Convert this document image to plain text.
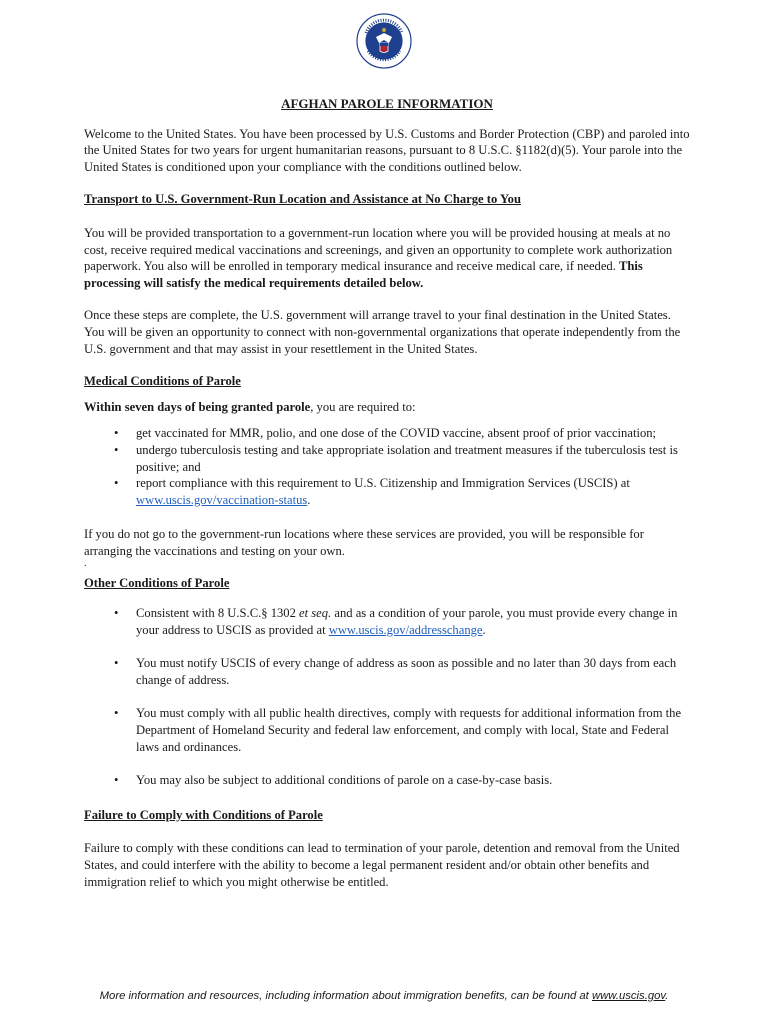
AFGHAN PAROLE INFORMATION

Welcome to the United States. You have been processed by U.S. Customs and Border Protection (CBP) and paroled into the United States for two years for urgent humanitarian reasons, pursuant to 8 U.S.C. §1182(d)(5). Your parole into the United States is conditioned upon your compliance with the conditions outlined below.

Transport to U.S. Government-Run Location and Assistance at No Charge to You

You will be provided transportation to a government-run location where you will be provided housing at meals at no cost, receive required medical vaccinations and screenings, and given an opportunity to complete work authorization paperwork. You also will be enrolled in temporary medical insurance and receive medical care, if needed. This processing will satisfy the medical requirements detailed below.

Once these steps are complete, the U.S. government will arrange travel to your final destination in the United States. You will be given an opportunity to connect with non-governmental organizations that operate independently from the U.S. government and that may assist in your resettlement in the United States.

Medical Conditions of Parole

Within seven days of being granted parole, you are required to:

• get vaccinated for MMR, polio, and one dose of the COVID vaccine, absent proof of prior vaccination;
• undergo tuberculosis testing and take appropriate isolation and treatment measures if the tuberculosis test is positive; and
• report compliance with this requirement to U.S. Citizenship and Immigration Services (USCIS) at www.uscis.gov/vaccination-status.

If you do not go to the government-run locations where these services are provided, you will be responsible for arranging the vaccinations and testing on your own.

.

Other Conditions of Parole

• Consistent with 8 U.S.C.§ 1302 et seq. and as a condition of your parole, you must provide every change in your address to USCIS as provided at www.uscis.gov/addresschange.
• You must notify USCIS of every change of address as soon as possible and no later than 30 days from each change of address.
• You must comply with all public health directives, comply with requests for additional information from the Department of Homeland Security and federal law enforcement, and comply with local, State and Federal laws and ordinances.
• You may also be subject to additional conditions of parole on a case-by-case basis.

Failure to Comply with Conditions of Parole

Failure to comply with these conditions can lead to termination of your parole, detention and removal from the United States, and could interfere with the ability to become a legal permanent resident and/or obtain other benefits and immigration relief to which you might otherwise be entitled.

More information and resources, including information about immigration benefits, can be found at www.uscis.gov.
